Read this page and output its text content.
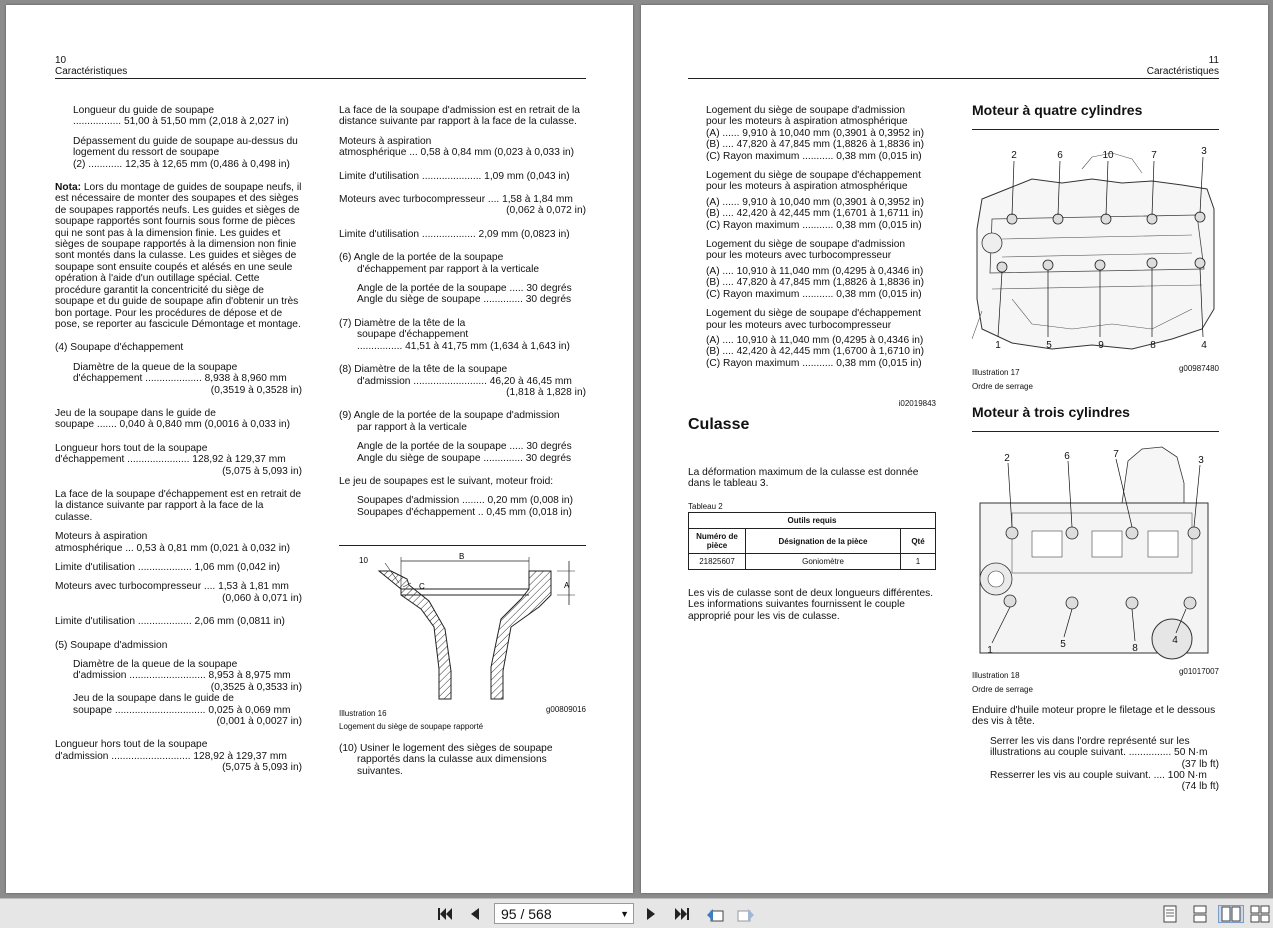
10
Caractéristiques
Longueur du guide de soupape

................. 51,00 à 51,50 mm (2,018 à 2,027 in)

Dépassement du guide de soupape au-dessus du logement du ressort de soupape

(2) ............ 12,35 à 12,65 mm (0,486 à 0,498 in)

Nota: Lors du montage de guides de soupape neufs, il est nécessaire de monter des soupapes et des sièges de soupapes rapportés neufs. Les guides et sièges de soupape rapportés sont fournis sous forme de pièces qui ne sont pas à la dimension finie. Les guides et sièges de soupape rapportés à la dimension non finie sont montés dans la culasse. Les guides et sièges de soupape sont ensuite coupés et alésés en une seule opération à l'aide d'un outillage spécial. Cette procédure garantit la concentricité du siège de soupape et du guide de soupape afin d'obtenir un très bon portage. Pour les procédures de dépose et de pose, se reporter au fascicule Démontage et montage.

(4) Soupape d'échappement

Diamètre de la queue de la soupape
d'échappement .................... 8,938 à 8,960 mm

(0,3519 à 0,3528 in)

Jeu de la soupape dans le guide de

soupape ....... 0,040 à 0,840 mm (0,0016 à 0,033 in)

Longueur hors tout de la soupape
d'échappement ...................... 128,92 à 129,37 mm

(5,075 à 5,093 in)

La face de la soupape d'échappement est en retrait de la distance suivante par rapport à la face de la culasse.

Moteurs à aspiration

atmosphérique ... 0,53 à 0,81 mm (0,021 à 0,032 in)

Limite d'utilisation ................... 1,06 mm (0,042 in)

Moteurs avec turbocompresseur .... 1,53 à 1,81 mm

(0,060 à 0,071 in)

Limite d'utilisation ................... 2,06 mm (0,0811 in)

(5) Soupape d'admission

Diamètre de la queue de la soupape
d'admission ........................... 8,953 à 8,975 mm
(0,3525 à 0,3533 in)
Jeu de la soupape dans le guide de
soupape ................................ 0,025 à 0,069 mm

(0,001 à 0,0027 in)

Longueur hors tout de la soupape
d'admission ............................ 128,92 à 129,37 mm
(5,075 à 5,093 in)

La face de la soupape d'admission est en retrait de la distance suivante par rapport à la face de la culasse.

Moteurs à aspiration

atmosphérique ... 0,58 à 0,84 mm (0,023 à 0,033 in)

Limite d'utilisation ..................... 1,09 mm (0,043 in)

Moteurs avec turbocompresseur .... 1,58 à 1,84 mm

(0,062 à 0,072 in)

Limite d'utilisation ................... 2,09 mm (0,0823 in)

(6) Angle de la portée de la soupape

d'échappement par rapport à la verticale

Angle de la portée de la soupape ..... 30 degrés

Angle du siège de soupape .............. 30 degrés

(7) Diamètre de la tête de la
soupape d'échappement

................ 41,51 à 41,75 mm (1,634 à 1,643 in)

(8) Diamètre de la tête de la soupape
d'admission .......................... 46,20 à 46,45 mm

(1,818 à 1,828 in)

(9) Angle de la portée de la soupape d'admission

par rapport à la verticale

Angle de la portée de la soupape ..... 30 degrés

Angle du siège de soupape .............. 30 degrés

Le jeu de soupapes est le suivant, moteur froid:

Soupapes d'admission ........ 0,20 mm (0,008 in)
Soupapes d'échappement .. 0,45 mm (0,018 in)
10	B
C	A
Illustration 16	g00809016
Logement du siège de soupape rapporté
(10) Usiner le logement des sièges de soupape
rapportés dans la culasse aux dimensions
suivantes.
11
Caractéristiques
Logement du siège de soupape d'admission
pour les moteurs à aspiration atmosphérique
(A) ...... 9,910 à 10,040 mm (0,3901 à 0,3952 in)
(B) .... 47,820 à 47,845 mm (1,8826 à 1,8836 in)

(C) Rayon maximum ........... 0,38 mm (0,015 in)

Logement du siège de soupape d'échappement

pour les moteurs à aspiration atmosphérique

(A) ...... 9,910 à 10,040 mm (0,3901 à 0,3952 in)
(B) .... 42,420 à 42,445 mm (1,6701 à 1,6711 in)

(C) Rayon maximum ........... 0,38 mm (0,015 in)

Logement du siège de soupape d'admission

pour les moteurs avec turbocompresseur

(A) .... 10,910 à 11,040 mm (0,4295 à 0,4346 in)
(B) .... 47,820 à 47,845 mm (1,8826 à 1,8836 in)

(C) Rayon maximum ........... 0,38 mm (0,015 in)

Logement du siège de soupape d'échappement

pour les moteurs avec turbocompresseur

(A) .... 10,910 à 11,040 mm (0,4295 à 0,4346 in)
(B) .... 42,420 à 42,445 mm (1,6700 à 1,6710 in)
(C) Rayon maximum ........... 0,38 mm (0,015 in)
i02019843
Culasse
La déformation maximum de la culasse est donnée dans le tableau 3.
Tableau 2
Outils requis		
Numéro de pièce	Désignation de la pièce	Qté
21825607	Goniomètre	1
Les vis de culasse sont de deux longueurs différentes. Les informations suivantes fournissent le couple approprié pour les vis de culasse.
Moteur à quatre cylindres
2	6	10	7	3
1	5	9	8	4
Illustration 17	g00987480
Ordre de serrage
Moteur à trois cylindres
2	6	7
3
1
5	8
4
Illustration 18	g01017007
Ordre de serrage

Enduire d'huile moteur propre le filetage et le dessous des vis à tête.

Serrer les vis dans l'ordre représenté sur les
illustrations au couple suivant. ............... 50 N·m
(37 lb ft)
Resserrer les vis au couple suivant. .... 100 N·m
(74 lb ft)
95 / 568	▼
